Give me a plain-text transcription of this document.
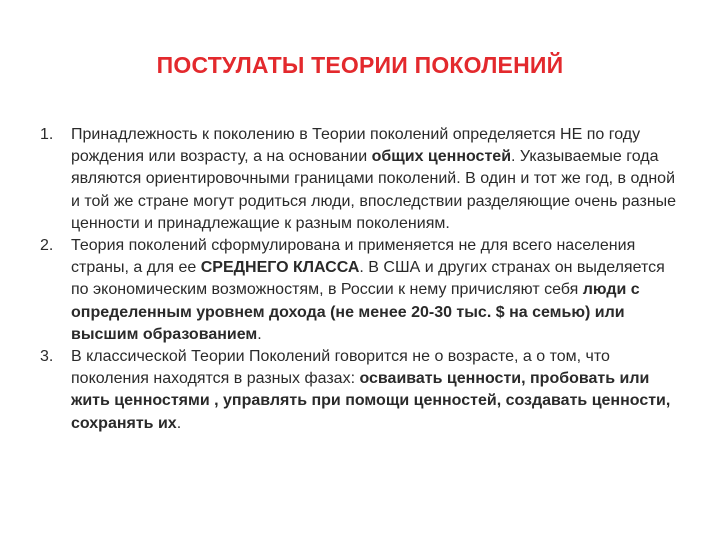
ПОСТУЛАТЫ ТЕОРИИ ПОКОЛЕНИЙ
1. Принадлежность к поколению в Теории поколений определяется НЕ по году рождения или возрасту, а на основании общих ценностей. Указываемые года являются ориентировочными границами поколений. В один и тот же год, в одной и той же стране могут родиться люди, впоследствии разделяющие очень разные ценности и принадлежащие к разным поколениям.
2. Теория поколений сформулирована и применяется не для всего населения страны, а для ее СРЕДНЕГО КЛАССА. В США и других странах он выделяется по экономическим возможностям, в России к нему причисляют себя люди с определенным уровнем дохода (не менее 20-30 тыс. $ на семью) или высшим образованием.
3. В классической Теории Поколений говорится не о возрасте, а о том, что поколения находятся в разных фазах: осваивать ценности, пробовать или жить ценностями , управлять при помощи ценностей, создавать ценности, сохранять их.
